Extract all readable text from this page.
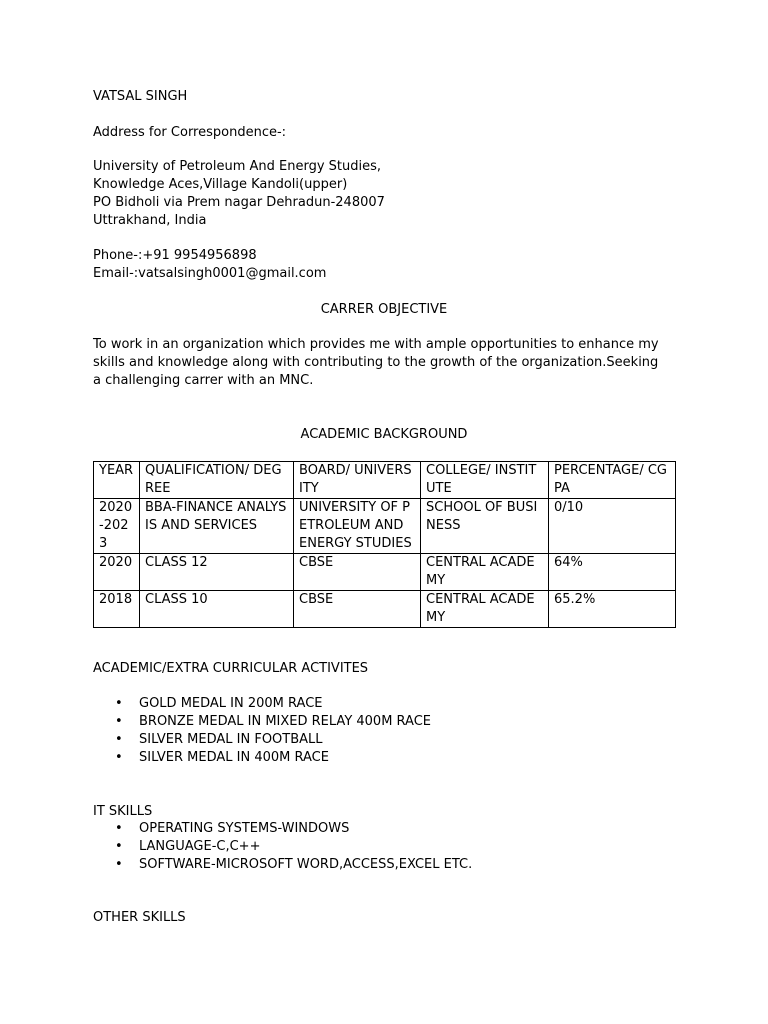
VATSAL SINGH
Address for Correspondence-:
University of Petroleum And Energy Studies,
Knowledge Aces,Village Kandoli(upper)
PO Bidholi via Prem nagar Dehradun-248007
Uttrakhand, India
Phone-:+91 9954956898
Email-:vatsalsingh0001@gmail.com
CARRER OBJECTIVE
To work in an organization which provides me with ample opportunities to enhance my skills and knowledge along with contributing to the growth of the organization.Seeking a challenging carrer with an MNC.
ACADEMIC BACKGROUND
YEAR	QUALIFICATION/ DEGREE	BOARD/ UNIVERSITY	COLLEGE/ INSTITUTE	PERCENTAGE/ CGPA
2020 -2023	BBA-FINANCE ANALYSIS AND SERVICES	UNIVERSITY OF PETROLEUM AND ENERGY STUDIES	SCHOOL OF BUSINESS	0/10
2020	CLASS 12	CBSE	CENTRAL ACADEMY	64%
2018	CLASS 10	CBSE	CENTRAL ACADEMY	65.2%
ACADEMIC/EXTRA CURRICULAR ACTIVITES
• GOLD MEDAL IN 200M RACE
• BRONZE MEDAL IN MIXED RELAY 400M RACE
• SILVER MEDAL IN FOOTBALL
• SILVER MEDAL IN 400M RACE
IT SKILLS
• OPERATING SYSTEMS-WINDOWS
• LANGUAGE-C,C++
• SOFTWARE-MICROSOFT WORD,ACCESS,EXCEL ETC.
OTHER SKILLS
